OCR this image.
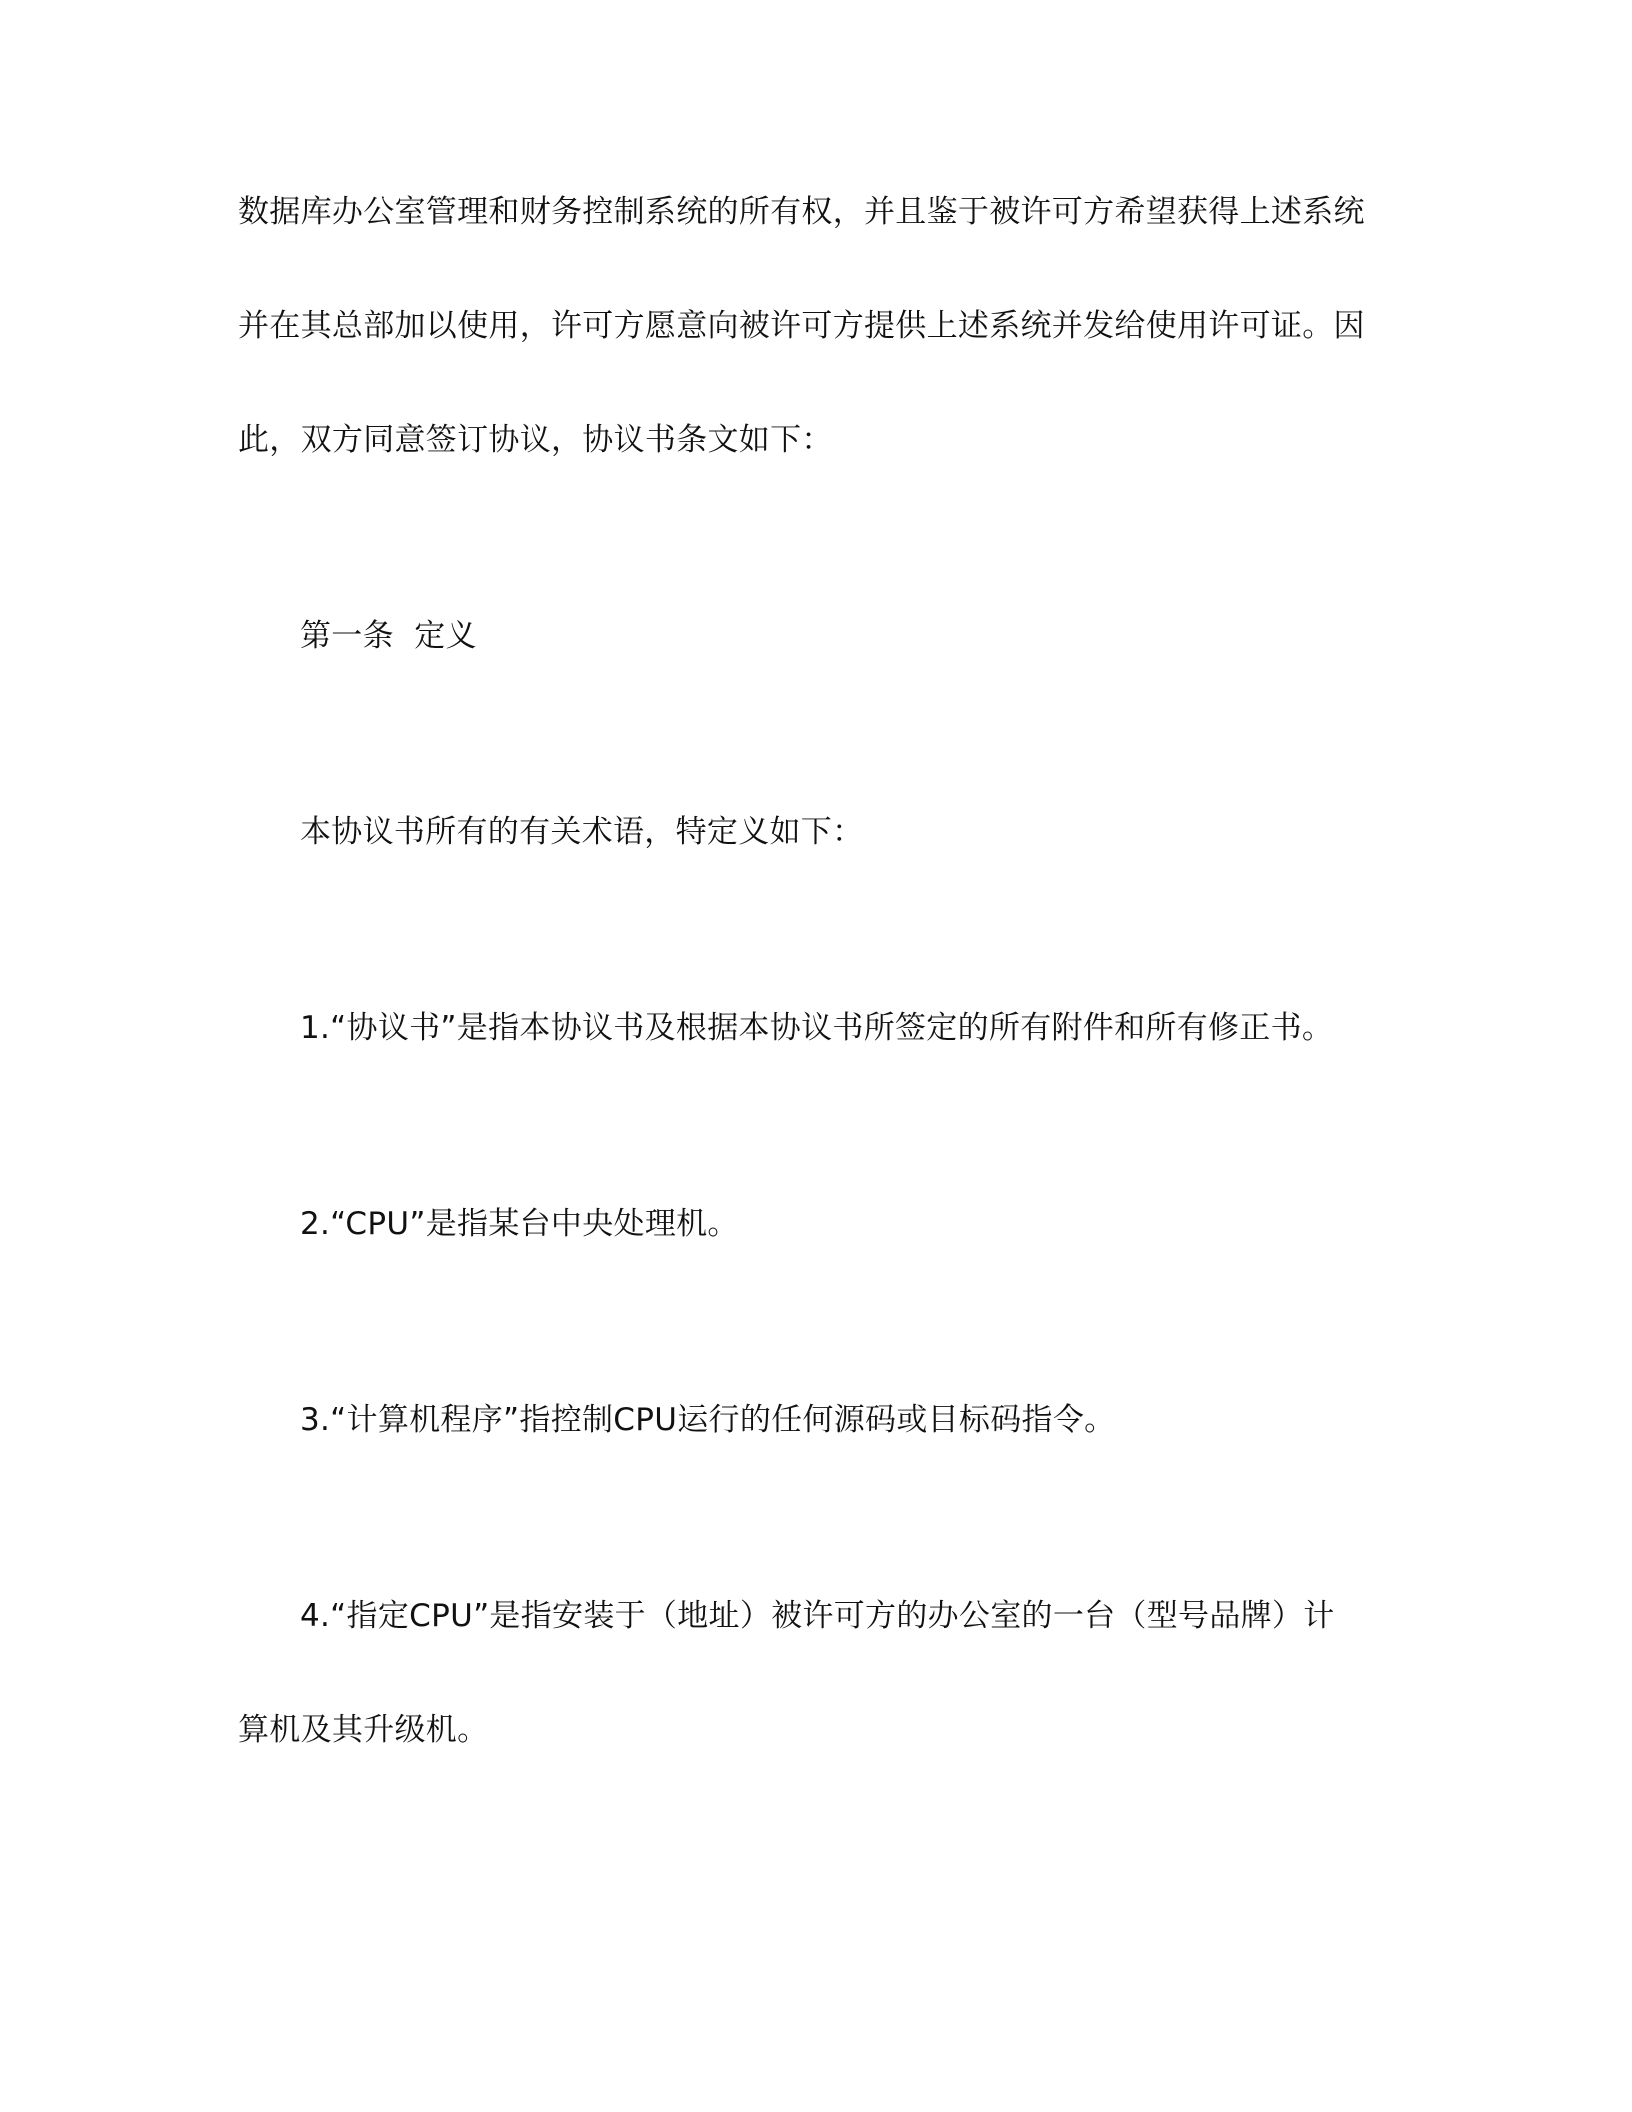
数据库办公室管理和财务控制系统的所有权，并且鉴于被许可方希望获得上述系统
并在其总部加以使用，许可方愿意向被许可方提供上述系统并发给使用许可证。因
此，双方同意签订协议，协议书条文如下：
第一条  定义
本协议书所有的有关术语，特定义如下：
1.“协议书”是指本协议书及根据本协议书所签定的所有附件和所有修正书。
2.“CPU”是指某台中央处理机。
3.“计算机程序”指控制CPU运行的任何源码或目标码指令。
4.“指定CPU”是指安装于（地址）被许可方的办公室的一台（型号品牌）计
算机及其升级机。
